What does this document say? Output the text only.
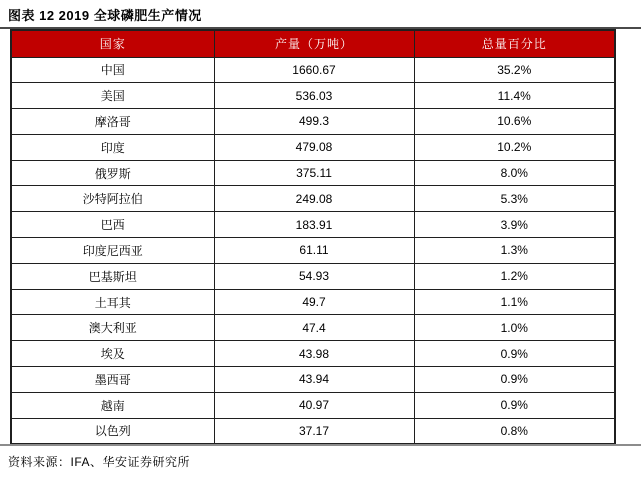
图表 12 2019 全球磷肥生产情况
国家	产量（万吨）	总量百分比
中国	1660.67	35.2%
美国	536.03	11.4%
摩洛哥	499.3	10.6%
印度	479.08	10.2%
俄罗斯	375.11	8.0%
沙特阿拉伯	249.08	5.3%
巴西	183.91	3.9%
印度尼西亚	61.11	1.3%
巴基斯坦	54.93	1.2%
土耳其	49.7	1.1%
澳大利亚	47.4	1.0%
埃及	43.98	0.9%
墨西哥	43.94	0.9%
越南	40.97	0.9%
以色列	37.17	0.8%
资料来源：IFA、华安证券研究所
